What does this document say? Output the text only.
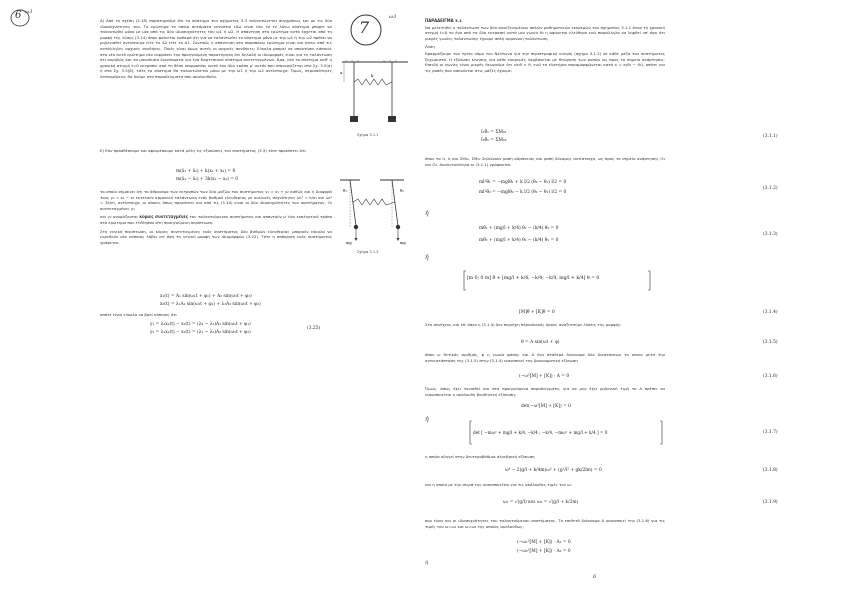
6 ω3

Δ) Από τη σχέση (3.18) παρατηρούμε ότι το σύστημα του σχήματος 3.3 ταλαντώνεται συγχρόνως και με τις δύο ιδιοσυχνότητες του. Το ερώτημα το οποίο αυτόματα γεννάται εδώ είναι εάν το εν λόγω σύστημα μπορεί να ταλαντωθεί μόνο με μία από τις δύο ιδιοσυχνότητες του ω1 ή ω2. Η απάντηση στο ερώτημα αυτό έρχεται από τη μορφή της λύσης (3.14) όπου φαίνεται καθαρά ότι για να ταλαντωθεί το σύστημα μόνο με την ω1 ή την ω2 πρέπει να μηδενισθεί αντίστοιχα είτε το A2 είτε το A1. Συνεπώς η απάντηση στο παραπάνω ερώτημα είναι και κάτω από τις κατάλληλες αρχικές συνθήκες. Ποιές είναι όμως αυτές οι αρχικές συνθήκες; Εύκολα μπορεί να απαντήσει κάποιος στο νέο αυτό ερώτημα εάν εκφράσει την προηγούμενη παρατήρηση ότι δηλαδή οι ιδιομορφές είναι για τη ταλάντωση ότι ακριβώς και τα μοναδιαία διανύσματα για ένα Καρτεσιανό σύστημα συντεταγμένων. Άρα, εάν το σύστημα καθ' η χρονική στιγμή t=0 εκτραπεί από τη θέση ισορροπίας κατά τον ίδιο τρόπο μ' αυτόν που απεικονίζεται στο Σχ. 3.5(α) ή στο Σχ. 3.5(β), τότε το σύστημα θα ταλαντώνεται μόνο με την ω1 ή την ω2 αντίστοιχα. Όμως, περισσότερες λεπτομέρειες θα δούμε στα παραδείγματα που ακολουθούν.

Ε) Εάν προσθέσουμε και αφαιρέσουμε κατά μέλη τις εξισώσεις του συστήματος (3.3) τότε προκύπτει ότι:

m(ẍ₁ + ẍ₂) + k(x₁ + x₂) = 0
m(ẍ₁ − ẍ₂) + 3k(x₁ − x₂) = 0

το οποίο σημαίνει ότι το άθροισμα των εκτροπών των δύο μαζών του συστήματος y₁ = x₁ + x₂ καθώς και η διαφορά τους y₂ = x₁ − x₂ εκτελούν αρμονική ταλάντωση ενός βαθμού ελευθερίας με κυκλικές συχνότητες ω₁² = k/m και ω₂² = 3k/m, αντίστοιχα, οι οποίες όπως προκύπτει και από τις (3.10) είναι οι δύο ιδιοσυχνότητες του συστήματος. Οι συντεταγμένες y₁

και y₂ ονομάζονται κύριες συντεταγμένες του ταλαντούμενου συστήματος και απαντούν μ' ένα εκπληκτικό τρόπο στο ερώτημα που ετέθησαν στη προηγούμενη περίπτωση.

Στη γενική περίπτωση, οι κύριες συντεταγμένες ενός συστήματος δύο βαθμών ελευθερίας μπορούν εύκολα να ευρεθούν εάν κάποιος λάβει υπ' όψη τη γενική μορφή των ιδιομορφών (3.22). Τότε η απόκριση ενός συστήματος γράφεται:

x₁(t) = A₁ sin(ω₁t + φ₁) + A₂ sin(ω₂t + φ₂)
x₂(t) = λ₁A₁ sin(ω₁t + φ₁) + λ₂A₂ sin(ω₂t + φ₂)

οπότε είναι εύκολο να βρεί κάποιος ότι

y₁ = λ₂x₁(t) − x₂(t) = (λ₂ − λ₁)A₁ sin(ω₁t + φ₁)
y₂ = λ₁x₁(t) − x₂(t) = (λ₁ − λ₂)A₂ sin(ω₂t + φ₂)
(3.25)
7
ω3
a
k
Σχήμα 3.1.1
θ₁	θ₂
mg	mg
Σχήμα 3.1.2

ΠΑΡΑΔΕΙΓΜΑ 3.1

Να μελετηθεί η ταλάντωση των δύο συνεζευγμένων απλών μαθηματικών εκκρεμών του σχήματος 3.1.1 όταν τη χρονική στιγμή t=0 το ένα από τα δύο εκτραπεί κατά μια γωνία θ₀ η αφήνεται ελεύθερο ενώ παράλληλα να ληφθεί υπ' όψη ότι μικρές γωνίες ταλάντωσης έχουμε απλή αρμονική ταλάντωση.

Λύση

Εφαρμόζουμε τον τρίτο νόμο του Νεύτωνα για την περιστροφική κίνηση (σχήμα 3.1.2) σε κάθε μάζα του συστήματος ξεχωριστά. Η εξίσωση κίνησης για κάθε εκκρεμές λαμβάνεται με θεώρηση των ροπών ως προς το σημείο ανάρτησης. Επειδή οι γωνίες είναι μικρές θεωρούμε ότι sinθ ≈ θ, ενώ το ελατήριο παραμορφώνεται κατά x = a(θ₁ − θ₂), οπότε για τις ροπές που ασκούνται στις μάζες έχουμε:

I₁θ̈₁ = ΣM₀₁
I₂θ̈₂ = ΣM₀₂
(3.1.1)

όπου τα I₁, I₂ και ΣM₀₁, ΣM₀₂ δηλώνουν ροπή αδράνειας και ροπή δύναμης αντίστοιχα, ως προς το σημείο ανάρτησης Ο₁ και Ο₂. Αναλυτικότερα οι (3.1.1) γράφονται:

ml²θ̈₁ = −mglθ₁ + k l/2 (θ₂ − θ₁) l/2 = 0
ml²θ̈₂ = −mglθ₂ − k l/2 (θ₂ − θ₁) l/2 = 0
(3.1.2)
ή
mθ̈₁ + (mg/l + k/4) θ₁ − (k/4) θ₂ = 0
mθ̈₂ + (mg/l + k/4) θ₂ − (k/4) θ₁ = 0
(3.1.3)
ή
[m 0; 0 m] θ̈ + [mg/l + k/4, −k/4; −k/4, mg/l + k/4] θ = 0
[M]θ̈ + [K]θ = 0	(3.1.4)

Στη συνέχεια, και επ' όσον η (3.1.4) δεν περιέχει περιοδικούς όρους αναζητούμε λύσεις της μορφής:

θ = A sin(ωt + φ)	(3.1.5)

όπου ω θετικός αριθμός, φ η γωνία φάσης και A ένα σταθερό διάνυσμα δύο διαστάσεων το οποίο μετά την αντικατάσταση της (3.1.5) στην (3.1.4) ικανοποιεί την διανυσματική εξίσωση

(−ω²[M] + [K]) · A = 0	(3.1.6)

Όμως, όπως έχει τονισθεί και στα προηγούμενα παραδείγματα, για να μην έχει μηδενική τιμή το A πρέπει να ικανοποιείται η ακόλουθη βοηθητική εξίσωση:

det(−ω²[M] + [K]) = 0
ή
det [ −mω² + mg/l + k/4, −k/4 ; −k/4, −mω² + mg/l + k/4 ] = 0	(3.1.7)

η οποία οδηγεί στην δευτεροβάθμια αλγεβρική εξίσωση

ω⁴ − 2(g/l + k/4m)ω² + (g²/l² + gk/2lm) = 0	(3.1.8)

και η οποία με την σειρά της ικανοποιείται για τις ακόλουθες τιμές του ω:

ω₁ = √(g/l) και ω₂ = √(g/l + k/2m)	(3.1.9)

που είναι και οι ιδιοσυχνότητες του ταλαντούμενου συστήματος. Το επιθετό διάνυσμα A ικανοποιεί την (3.1.6) για τις τιμές του ω=ω₁ και ω=ω₂ της οποίας ακολούθως:

(−ω₁²[M] + [K]) · A₁ = 0
(−ω₂²[M] + [K]) · A₂ = 0
6
ή
